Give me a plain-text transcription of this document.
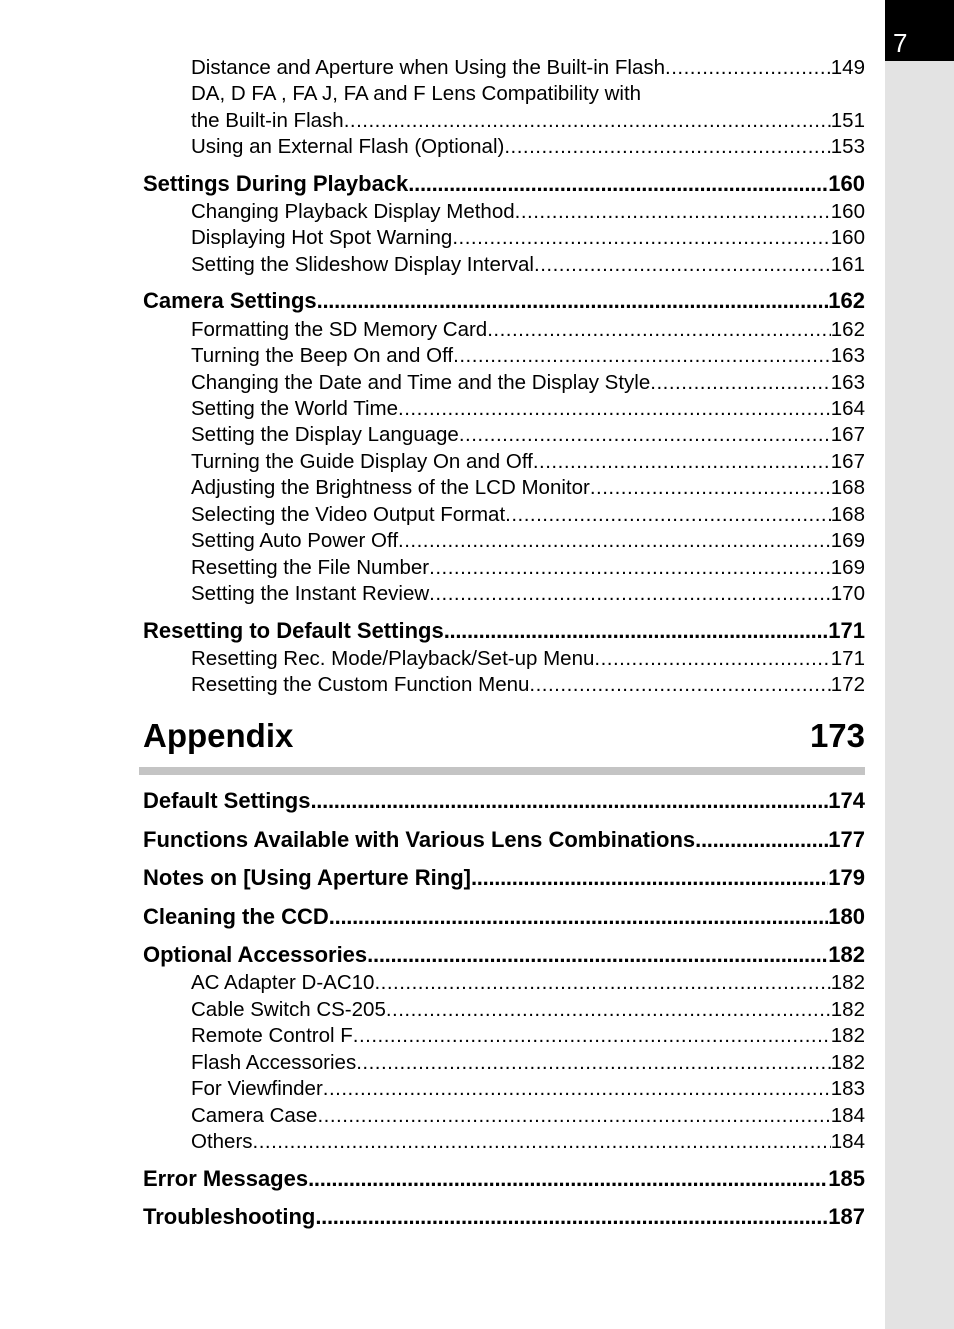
7
Distance and Aperture when Using the Built-in Flash . . .	149
DA, D FA , FA J, FA and F Lens Compatibility with
the Built-in Flash . . .	151
Using an External Flash (Optional) . . .	153
Settings During Playback . . .	160
Changing Playback Display Method . . .	160
Displaying Hot Spot Warning . . .	160
Setting the Slideshow Display Interval . . .	161
Camera Settings . . .	162
Formatting the SD Memory Card . . .	162
Turning the Beep On and Off . . .	163
Changing the Date and Time and the Display Style . . .	163
Setting the World Time . . .	164
Setting the Display Language . . .	167
Turning the Guide Display On and Off . . .	167
Adjusting the Brightness of the LCD Monitor . . .	168
Selecting the Video Output Format . . .	168
Setting Auto Power Off . . .	169
Resetting the File Number . . .	169
Setting the Instant Review . . .	170
Resetting to Default Settings . . .	171
Resetting Rec. Mode/Playback/Set-up Menu . . .	171
Resetting the Custom Function Menu . . .	172
Appendix	173
Default Settings . . .	174
Functions Available with Various Lens Combinations . . .	177
Notes on [Using Aperture Ring] . . .	179
Cleaning the CCD . . .	180
Optional Accessories . . .	182
AC Adapter D-AC10 . . .	182
Cable Switch CS-205 . . .	182
Remote Control F . . .	182
Flash Accessories . . .	182
For Viewfinder . . .	183
Camera Case . . .	184
Others . . .	184
Error Messages . . .	185
Troubleshooting . . .	187
